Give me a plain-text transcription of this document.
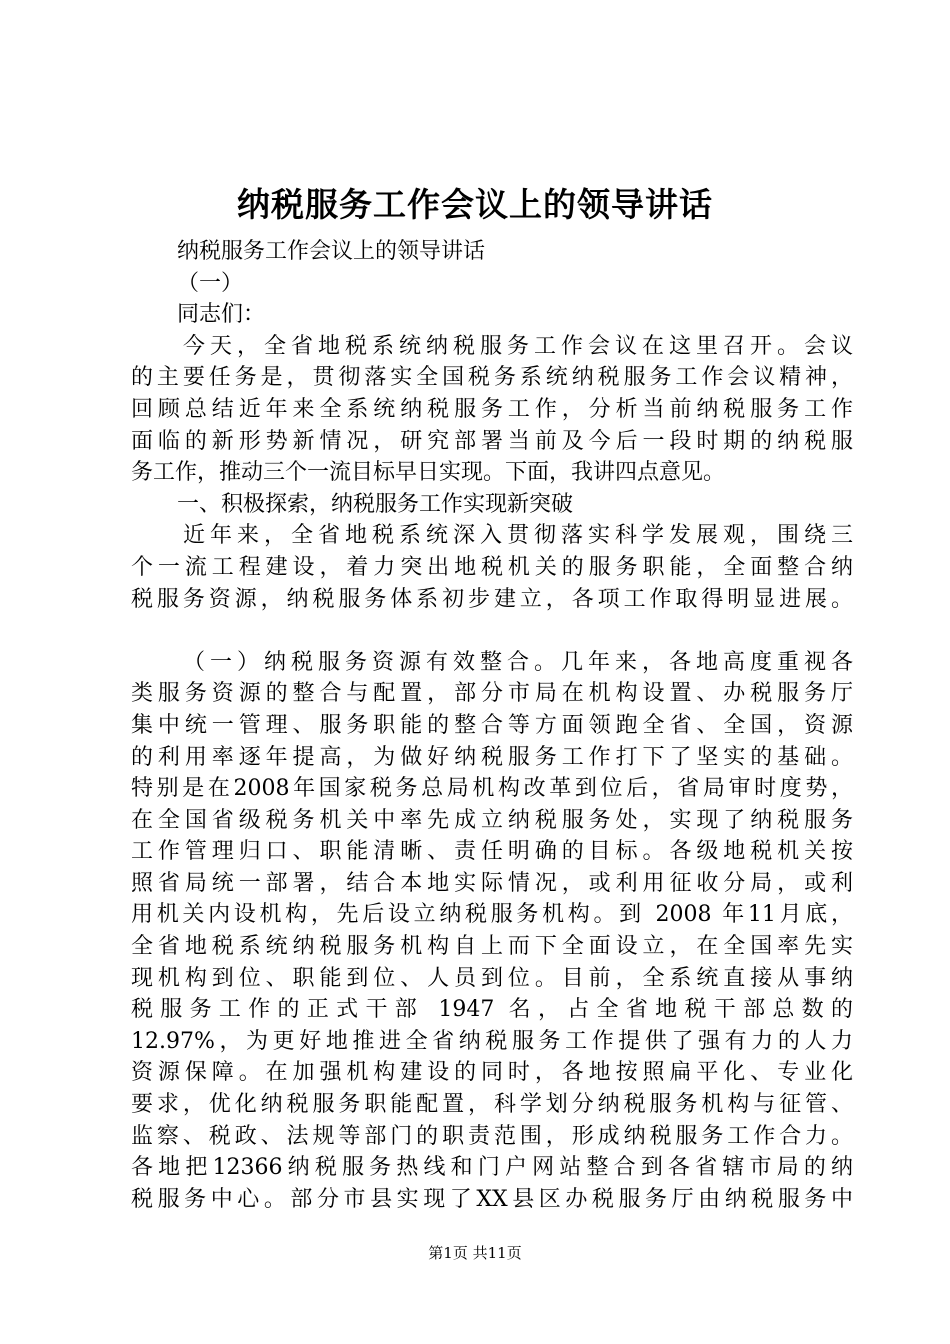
纳税服务工作会议上的领导讲话
纳税服务工作会议上的领导讲话
（一）
同志们：
今天，全省地税系统纳税服务工作会议在这里召开。会议
的主要任务是，贯彻落实全国税务系统纳税服务工作会议精神，
回顾总结近年来全系统纳税服务工作，分析当前纳税服务工作
面临的新形势新情况，研究部署当前及今后一段时期的纳税服
务工作，推动三个一流目标早日实现。下面，我讲四点意见。
一、积极探索，纳税服务工作实现新突破
近年来，全省地税系统深入贯彻落实科学发展观，围绕三
个一流工程建设，着力突出地税机关的服务职能，全面整合纳
税服务资源，纳税服务体系初步建立，各项工作取得明显进展。
（一）纳税服务资源有效整合。几年来，各地高度重视各
类服务资源的整合与配置，部分市局在机构设置、办税服务厅
集中统一管理、服务职能的整合等方面领跑全省、全国，资源
的利用率逐年提高，为做好纳税服务工作打下了坚实的基础。
特别是在2008年国家税务总局机构改革到位后，省局审时度势，
在全国省级税务机关中率先成立纳税服务处，实现了纳税服务
工作管理归口、职能清晰、责任明确的目标。各级地税机关按
照省局统一部署，结合本地实际情况，或利用征收分局，或利
用机关内设机构，先后设立纳税服务机构。到 2008 年11月底，
全省地税系统纳税服务机构自上而下全面设立，在全国率先实
现机构到位、职能到位、人员到位。目前，全系统直接从事纳
税服务工作的正式干部 1947 名，占全省地税干部总数的
12.97%，为更好地推进全省纳税服务工作提供了强有力的人力
资源保障。在加强机构建设的同时，各地按照扁平化、专业化
要求，优化纳税服务职能配置，科学划分纳税服务机构与征管、
监察、税政、法规等部门的职责范围，形成纳税服务工作合力。
各地把12366纳税服务热线和门户网站整合到各省辖市局的纳
税服务中心。部分市县实现了XX县区办税服务厅由纳税服务中
第1页 共11页
